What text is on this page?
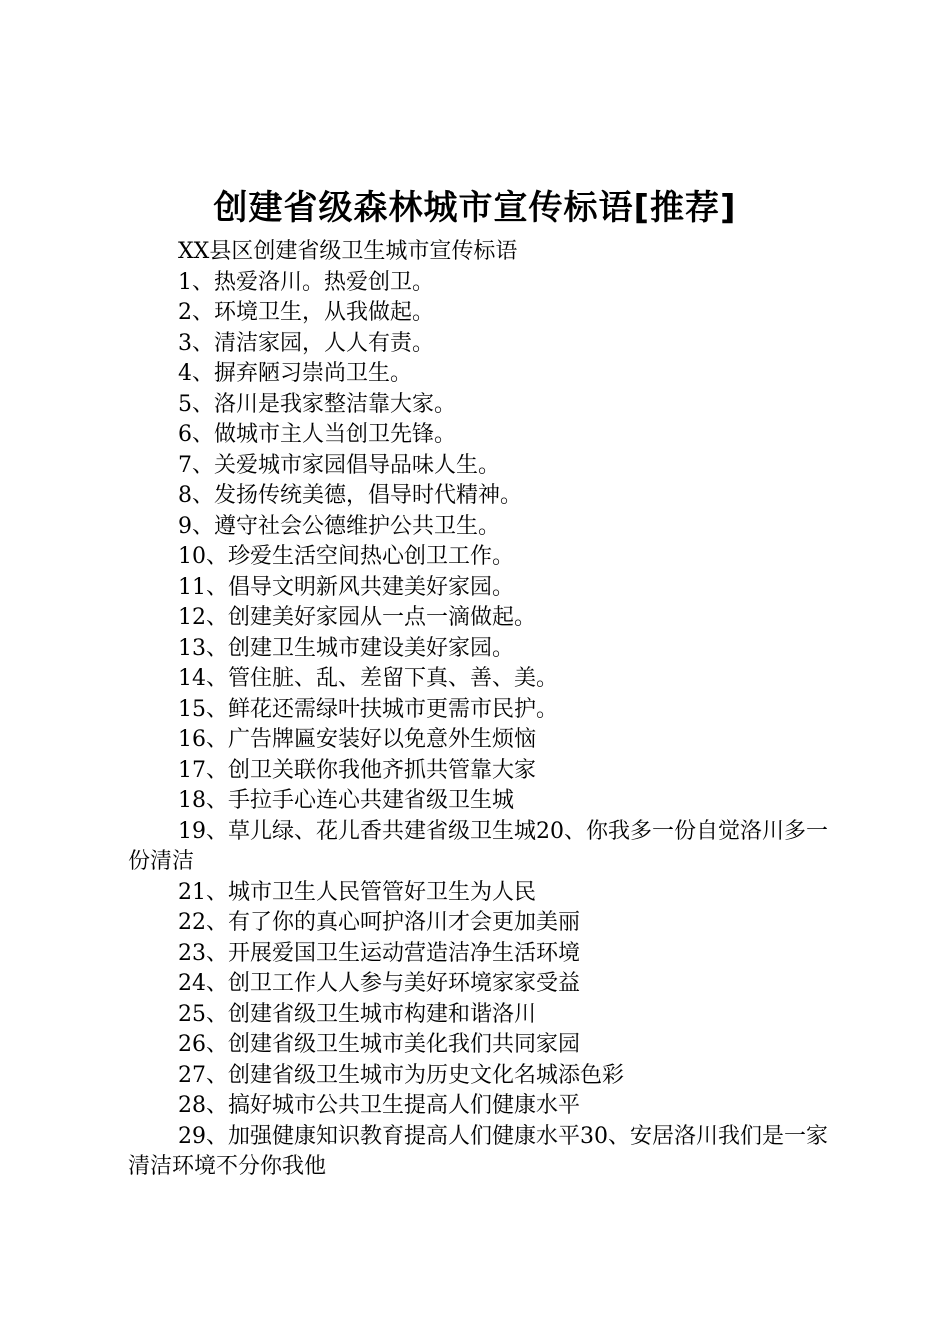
创建省级森林城市宣传标语[推荐]

XX县区创建省级卫生城市宣传标语

1、热爱洛川。热爱创卫。

2、环境卫生，从我做起。

3、清洁家园，人人有责。

4、摒弃陋习崇尚卫生。

5、洛川是我家整洁靠大家。

6、做城市主人当创卫先锋。

7、关爱城市家园倡导品味人生。

8、发扬传统美德，倡导时代精神。

9、遵守社会公德维护公共卫生。

10、珍爱生活空间热心创卫工作。

11、倡导文明新风共建美好家园。

12、创建美好家园从一点一滴做起。

13、创建卫生城市建设美好家园。

14、管住脏、乱、差留下真、善、美。

15、鲜花还需绿叶扶城市更需市民护。

16、广告牌匾安装好以免意外生烦恼

17、创卫关联你我他齐抓共管靠大家

18、手拉手心连心共建省级卫生城

19、草儿绿、花儿香共建省级卫生城20、你我多一份自觉洛川多一份清洁

21、城市卫生人民管管好卫生为人民

22、有了你的真心呵护洛川才会更加美丽

23、开展爱国卫生运动营造洁净生活环境

24、创卫工作人人参与美好环境家家受益

25、创建省级卫生城市构建和谐洛川

26、创建省级卫生城市美化我们共同家园

27、创建省级卫生城市为历史文化名城添色彩

28、搞好城市公共卫生提高人们健康水平

29、加强健康知识教育提高人们健康水平30、安居洛川我们是一家清洁环境不分你我他
